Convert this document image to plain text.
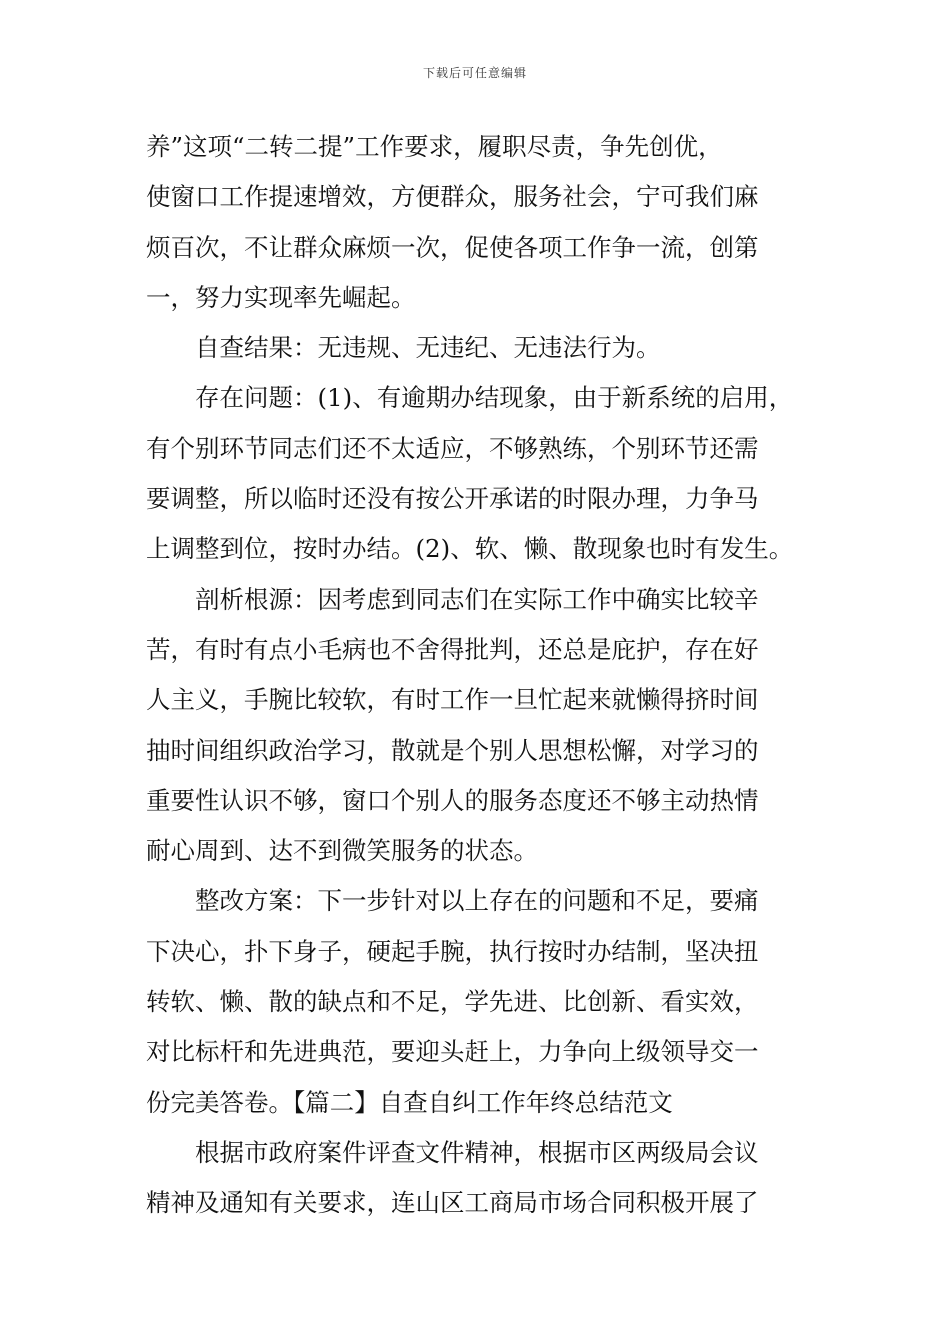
下载后可任意编辑
养”这项“二转二提”工作要求，履职尽责，争先创优，
使窗口工作提速增效，方便群众，服务社会，宁可我们麻
烦百次，不让群众麻烦一次，促使各项工作争一流，创第
一，努力实现率先崛起。
自查结果：无违规、无违纪、无违法行为。
存在问题：(1)、有逾期办结现象，由于新系统的启用，
有个别环节同志们还不太适应，不够熟练，个别环节还需
要调整，所以临时还没有按公开承诺的时限办理，力争马
上调整到位，按时办结。(2)、软、懒、散现象也时有发生。
剖析根源：因考虑到同志们在实际工作中确实比较辛
苦，有时有点小毛病也不舍得批判，还总是庇护，存在好
人主义，手腕比较软，有时工作一旦忙起来就懒得挤时间
抽时间组织政治学习，散就是个别人思想松懈，对学习的
重要性认识不够，窗口个别人的服务态度还不够主动热情
耐心周到、达不到微笑服务的状态。
整改方案：下一步针对以上存在的问题和不足，要痛
下决心，扑下身子，硬起手腕，执行按时办结制，坚决扭
转软、懒、散的缺点和不足，学先进、比创新、看实效，
对比标杆和先进典范，要迎头赶上，力争向上级领导交一
份完美答卷。【篇二】自查自纠工作年终总结范文
根据市政府案件评查文件精神，根据市区两级局会议
精神及通知有关要求，连山区工商局市场合同积极开展了
